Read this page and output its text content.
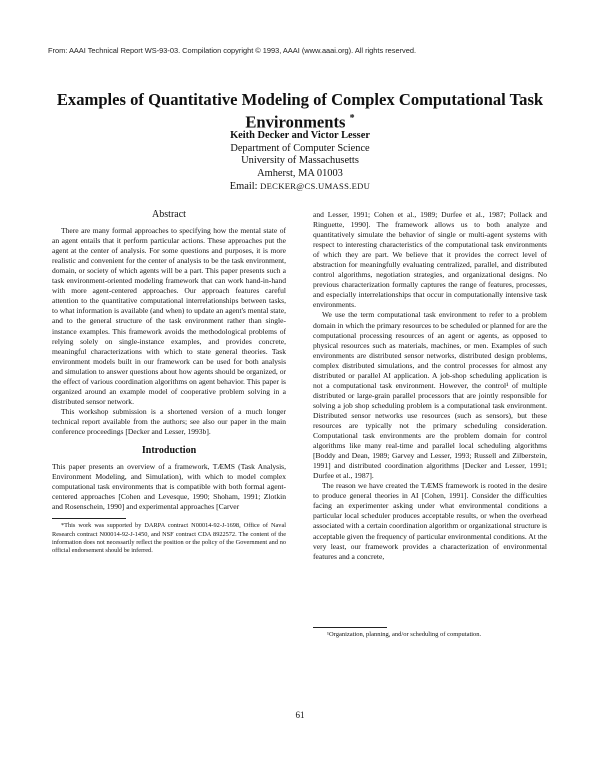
From: AAAI Technical Report WS-93-03. Compilation copyright © 1993, AAAI (www.aaai.org). All rights reserved.
Examples of Quantitative Modeling of Complex Computational Task Environments *
Keith Decker and Victor Lesser
Department of Computer Science
University of Massachusetts
Amherst, MA 01003
Email: DECKER@CS.UMASS.EDU
Abstract

There are many formal approaches to specifying how the mental state of an agent entails that it perform particular actions. These approaches put the agent at the center of analysis. For some questions and purposes, it is more realistic and convenient for the center of analysis to be the task environment, domain, or society of which agents will be a part. This paper presents such a task environment-oriented modeling framework that can work hand-in-hand with more agent-centered approaches. Our approach features careful attention to the quantitative computational interrelationships between tasks, to what information is available (and when) to update an agent's mental state, and to the general structure of the task environment rather than single-instance examples. This framework avoids the methodological problems of relying solely on single-instance examples, and provides concrete, meaningful characterizations with which to state general theories. Task environment models built in our framework can be used for both analysis and simulation to answer questions about how agents should be organized, or the effect of various coordination algorithms on agent behavior. This paper is organized around an example model of cooperative problem solving in a distributed sensor network.

This workshop submission is a shortened version of a much longer technical report available from the authors; see also our paper in the main conference proceedings [Decker and Lesser, 1993b].

Introduction

This paper presents an overview of a framework, TÆMS (Task Analysis, Environment Modeling, and Simulation), with which to model complex computational task environments that is compatible with both formal agent-centered approaches [Cohen and Levesque, 1990; Shoham, 1991; Zlotkin and Rosenschein, 1990] and experimental approaches [Carver

*This work was supported by DARPA contract N00014-92-J-1698, Office of Naval Research contract N00014-92-J-1450, and NSF contract CDA 8922572. The content of the information does not necessarily reflect the position or the policy of the Government and no official endorsement should be inferred.

and Lesser, 1991; Cohen et al., 1989; Durfee et al., 1987; Pollack and Ringuette, 1990]. The framework allows us to both analyze and quantitatively simulate the behavior of single or multi-agent systems with respect to interesting characteristics of the computational task environments of which they are part. We believe that it provides the correct level of abstraction for meaningfully evaluating centralized, parallel, and distributed control algorithms, negotiation strategies, and organizational designs. No previous characterization formally captures the range of features, processes, and especially interrelationships that occur in computationally intensive task environments.

We use the term computational task environment to refer to a problem domain in which the primary resources to be scheduled or planned for are the computational processing resources of an agent or agents, as opposed to physical resources such as materials, machines, or men. Examples of such environments are distributed sensor networks, distributed design problems, complex distributed simulations, and the control processes for almost any distributed or parallel AI application. A job-shop scheduling application is not a computational task environment. However, the control¹ of multiple distributed or large-grain parallel processors that are jointly responsible for solving a job shop scheduling problem is a computational task environment. Distributed sensor networks use resources (such as sensors), but these resources are typically not the primary scheduling consideration. Computational task environments are the problem domain for control algorithms like many real-time and parallel local scheduling algorithms [Boddy and Dean, 1989; Garvey and Lesser, 1993; Russell and Zilberstein, 1991] and distributed coordination algorithms [Decker and Lesser, 1991; Durfee et al., 1987].

The reason we have created the TÆMS framework is rooted in the desire to produce general theories in AI [Cohen, 1991]. Consider the difficulties facing an experimenter asking under what environmental conditions a particular local scheduler produces acceptable results, or when the overhead associated with a certain coordination algorithm or organizational structure is acceptable given the frequency of particular environmental conditions. At the very least, our framework provides a characterization of environmental features and a concrete,

¹Organization, planning, and/or scheduling of computation.

61
